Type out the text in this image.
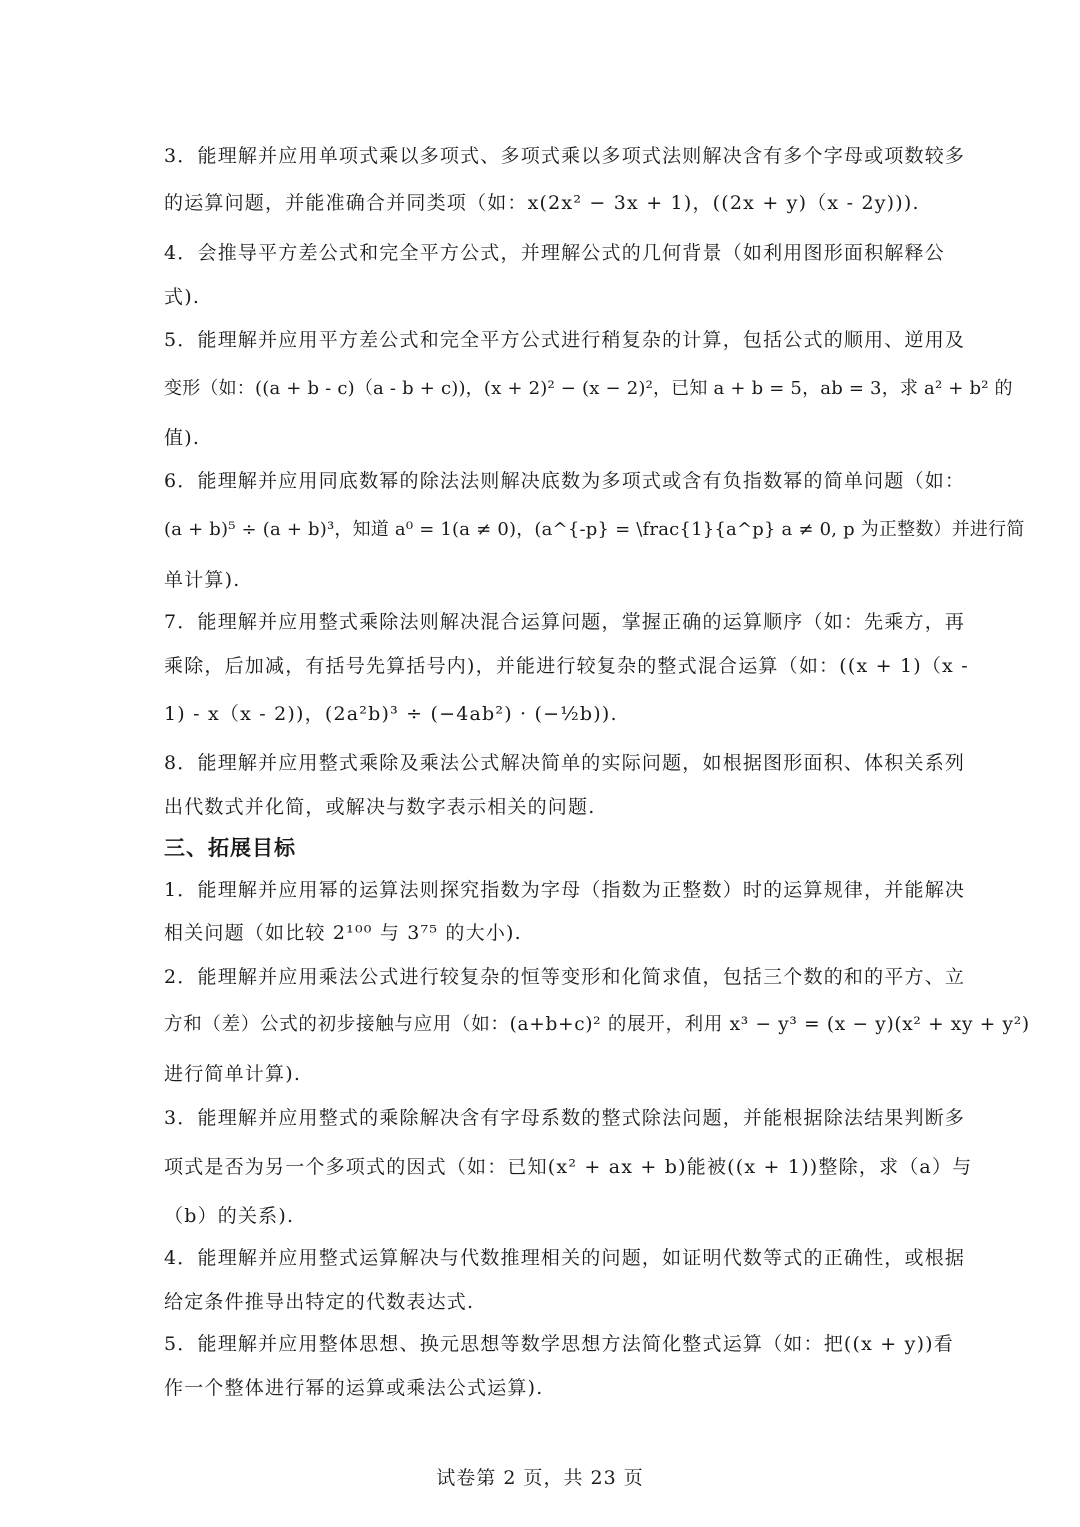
3．能理解并应用单项式乘以多项式、多项式乘以多项式法则解决含有多个字母或项数较多

的运算问题，并能准确合并同类项（如：x(2x² − 3x + 1)，((2x + y)（x - 2y))).

4．会推导平方差公式和完全平方公式，并理解公式的几何背景（如利用图形面积解释公

式).

5．能理解并应用平方差公式和完全平方公式进行稍复杂的计算，包括公式的顺用、逆用及

变形（如：((a + b - c)（a - b + c))，(x + 2)² − (x − 2)²，已知 a + b = 5，ab = 3，求 a² + b² 的

值).

6．能理解并应用同底数幂的除法法则解决底数为多项式或含有负指数幂的简单问题（如：

(a + b)⁵ ÷ (a + b)³，知道 a⁰ = 1(a ≠ 0)，(a^{-p} = \frac{1}{a^p} a ≠ 0, p 为正整数）并进行简

单计算).

7．能理解并应用整式乘除法则解决混合运算问题，掌握正确的运算顺序（如：先乘方，再

乘除，后加减，有括号先算括号内)，并能进行较复杂的整式混合运算（如：((x + 1)（x -

1) - x（x - 2))，(2a²b)³ ÷ (−4ab²) · (−½b)).

8．能理解并应用整式乘除及乘法公式解决简单的实际问题，如根据图形面积、体积关系列

出代数式并化简，或解决与数字表示相关的问题.

三、拓展目标

1．能理解并应用幂的运算法则探究指数为字母（指数为正整数）时的运算规律，并能解决

相关问题（如比较 2¹⁰⁰ 与 3⁷⁵ 的大小).

2．能理解并应用乘法公式进行较复杂的恒等变形和化简求值，包括三个数的和的平方、立

方和（差）公式的初步接触与应用（如：(a+b+c)² 的展开，利用 x³ − y³ = (x − y)(x² + xy + y²)

进行简单计算).

3．能理解并应用整式的乘除解决含有字母系数的整式除法问题，并能根据除法结果判断多

项式是否为另一个多项式的因式（如：已知(x² + ax + b)能被((x + 1))整除，求（a）与

（b）的关系).

4．能理解并应用整式运算解决与代数推理相关的问题，如证明代数等式的正确性，或根据

给定条件推导出特定的代数表达式.

5．能理解并应用整体思想、换元思想等数学思想方法简化整式运算（如：把((x + y))看

作一个整体进行幂的运算或乘法公式运算).

试卷第 2 页，共 23 页
